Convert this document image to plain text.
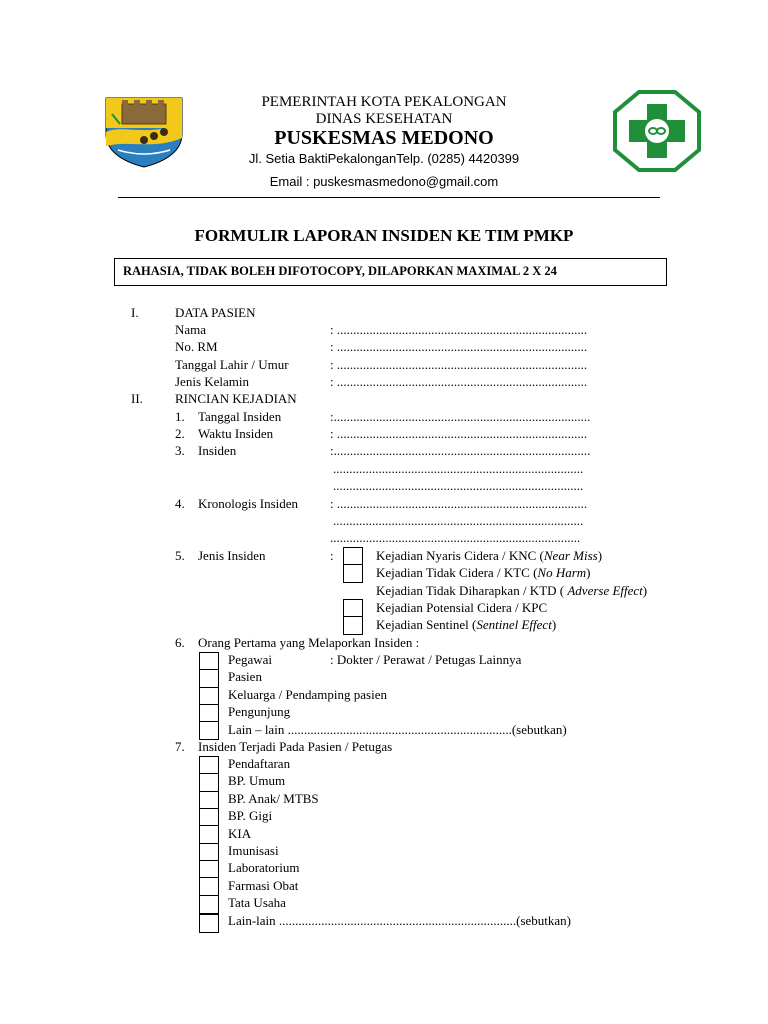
PEMERINTAH KOTA PEKALONGAN
DINAS KESEHATAN
PUSKESMAS MEDONO
Jl. Setia BaktiPekalonganTelp. (0285) 4420399
Email : puskesmasmedono@gmail.com
FORMULIR LAPORAN INSIDEN KE TIM PMKP
RAHASIA, TIDAK BOLEH DIFOTOCOPY, DILAPORKAN MAXIMAL 2 X 24
I.	DATA PASIEN
Nama	: .............................................................................
No. RM	: .............................................................................
Tanggal Lahir / Umur	: .............................................................................
Jenis Kelamin	: .............................................................................
II. RINCIAN KEJADIAN
1. Tanggal Insiden	:...............................................................................
2. Waktu Insiden	: .............................................................................
3. Insiden	:...............................................................................
.............................................................................
.............................................................................
4. Kronologis Insiden : .............................................................................
.............................................................................
.............................................................................
5. Jenis Insiden	:	Kejadian Nyaris Cidera / KNC (Near Miss)
Kejadian Tidak Cidera / KTC (No Harm)
Kejadian Tidak Diharapkan / KTD ( Adverse Effect)
Kejadian Potensial Cidera / KPC
Kejadian Sentinel (Sentinel Effect)
6. Orang Pertama yang Melaporkan Insiden :
Pegawai	: Dokter / Perawat / Petugas Lainnya
Pasien
Keluarga / Pendamping pasien
Pengunjung
Lain – lain .....................................................................(sebutkan)
7. Insiden Terjadi Pada Pasien / Petugas
Pendaftaran
BP. Umum
BP. Anak/ MTBS
BP. Gigi
KIA
Imunisasi
Laboratorium
Farmasi Obat
Tata Usaha
Lain-lain .........................................................................(sebutkan)
